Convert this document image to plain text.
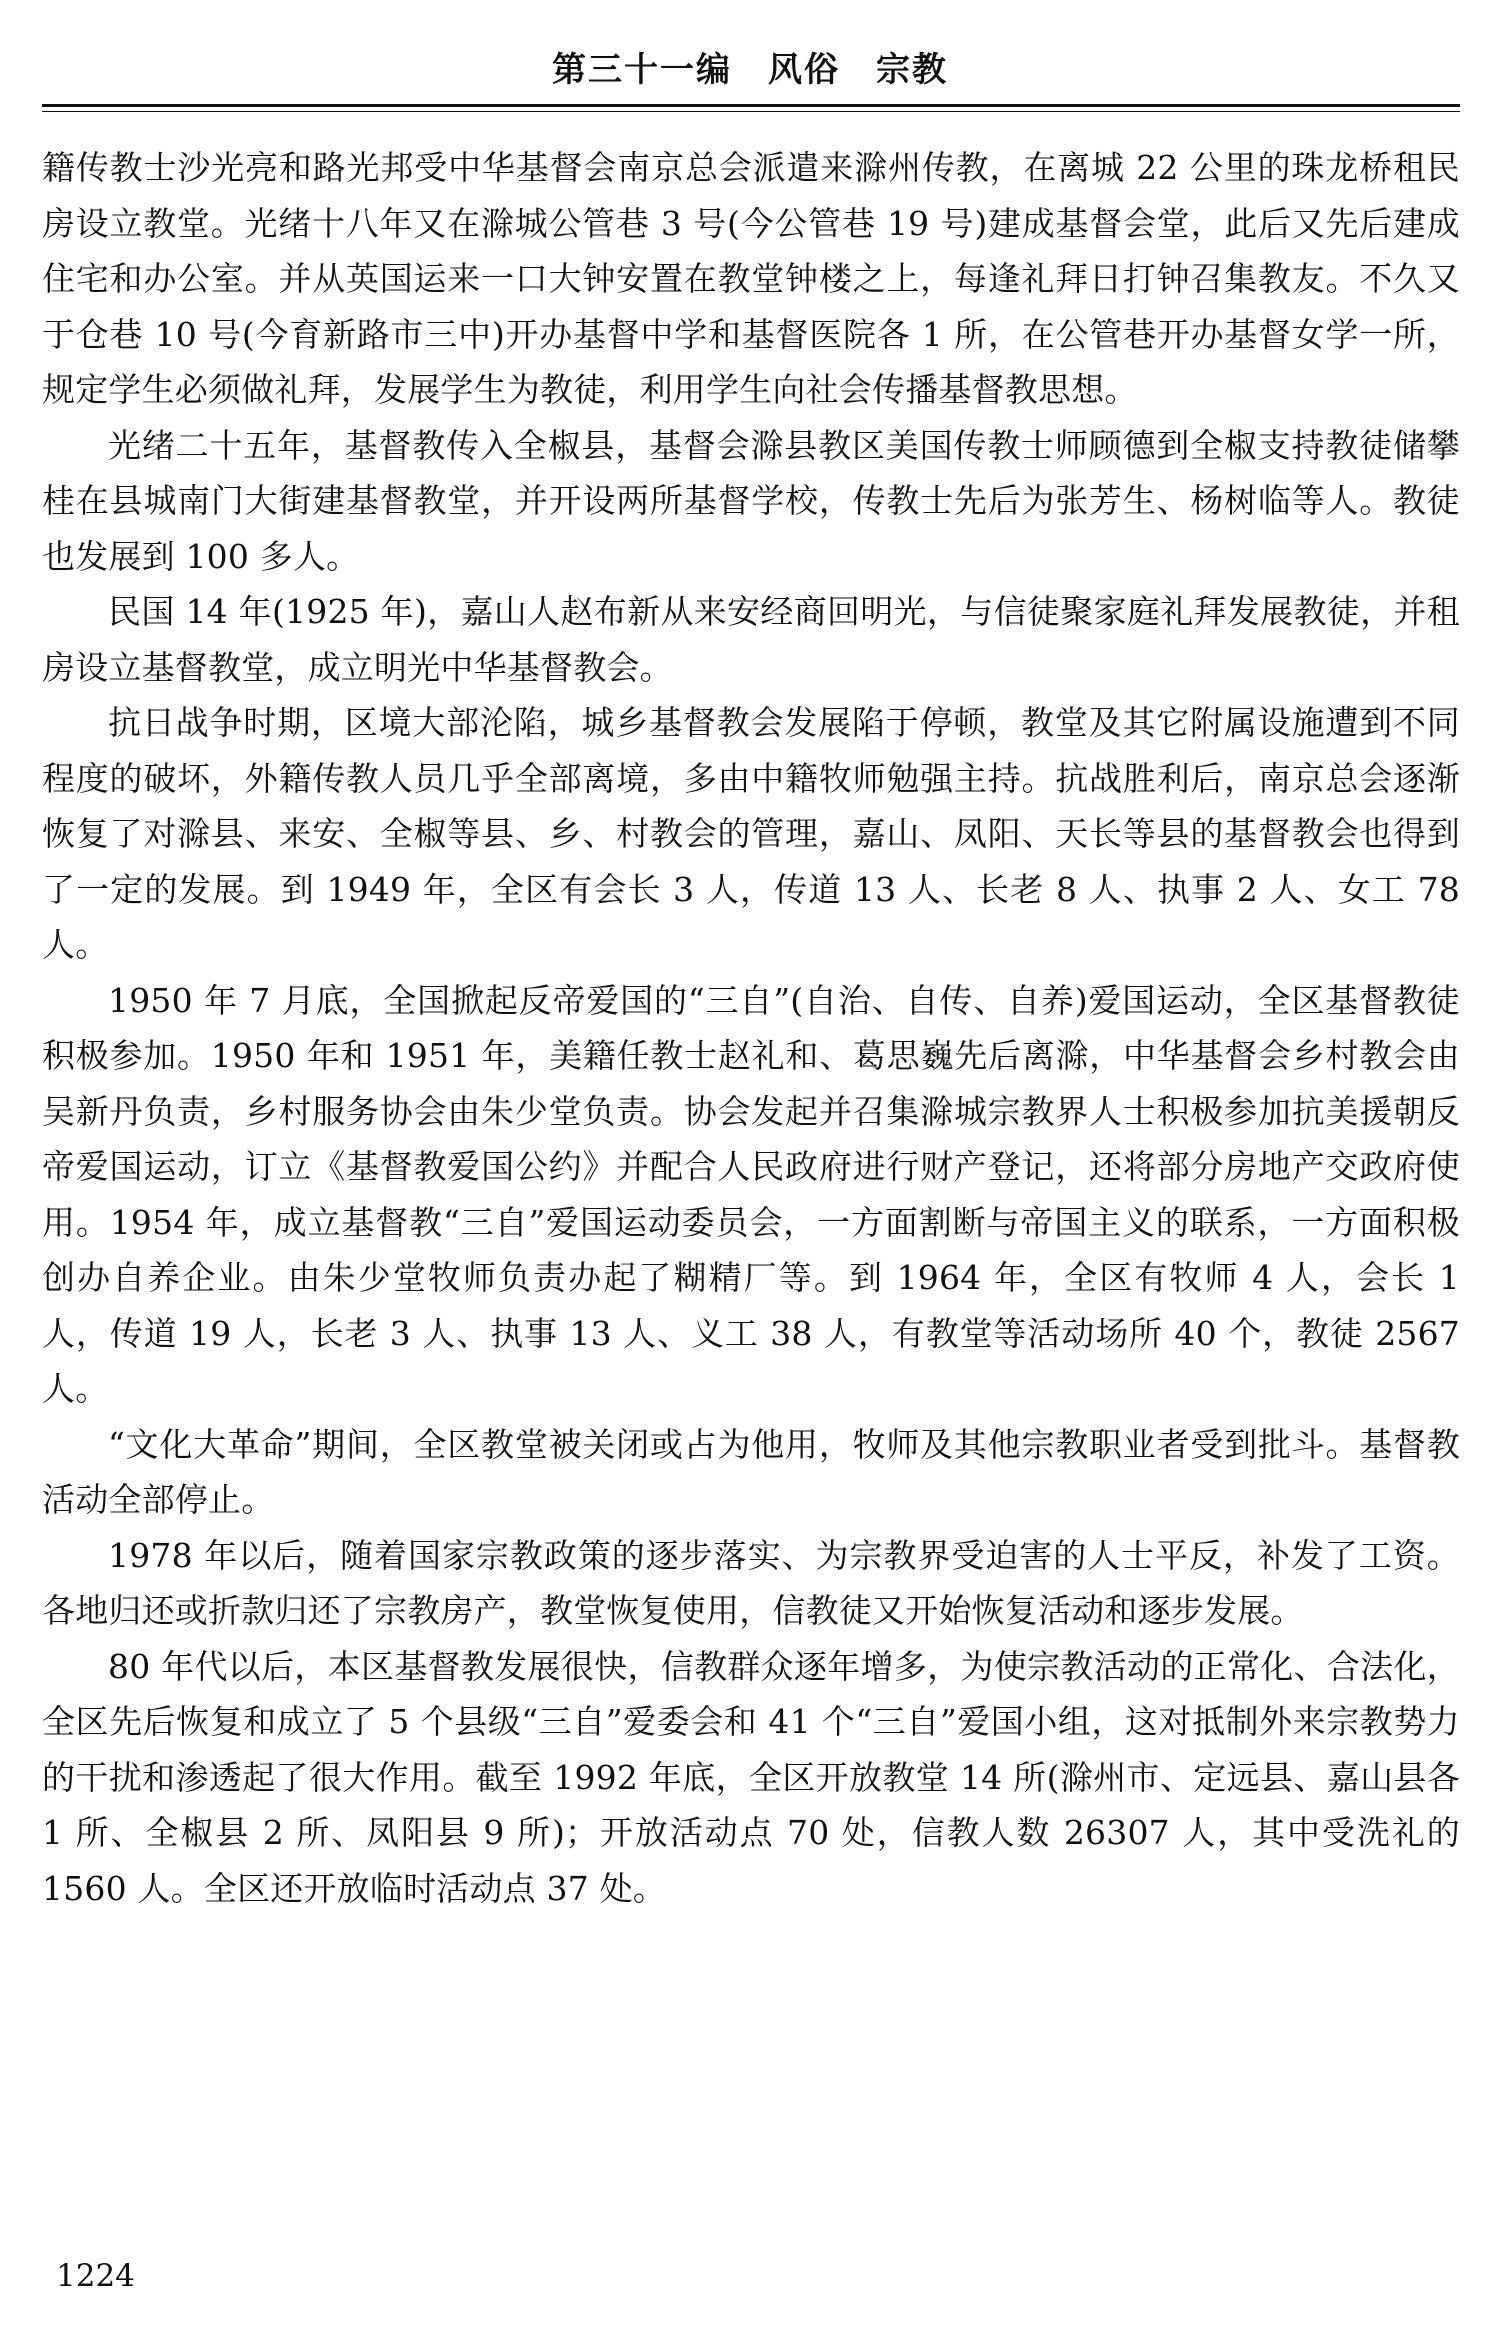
第三十一编　风俗　宗教

籍传教士沙光亮和路光邦受中华基督会南京总会派遣来滁州传教，在离城 22 公里的珠龙桥租民房设立教堂。光绪十八年又在滁城公管巷 3 号(今公管巷 19 号)建成基督会堂，此后又先后建成住宅和办公室。并从英国运来一口大钟安置在教堂钟楼之上，每逢礼拜日打钟召集教友。不久又于仓巷 10 号(今育新路市三中)开办基督中学和基督医院各 1 所，在公管巷开办基督女学一所，规定学生必须做礼拜，发展学生为教徒，利用学生向社会传播基督教思想。

光绪二十五年，基督教传入全椒县，基督会滁县教区美国传教士师顾德到全椒支持教徒储攀桂在县城南门大街建基督教堂，并开设两所基督学校，传教士先后为张芳生、杨树临等人。教徒也发展到 100 多人。

民国 14 年(1925 年)，嘉山人赵布新从来安经商回明光，与信徒聚家庭礼拜发展教徒，并租房设立基督教堂，成立明光中华基督教会。

抗日战争时期，区境大部沦陷，城乡基督教会发展陷于停顿，教堂及其它附属设施遭到不同程度的破坏，外籍传教人员几乎全部离境，多由中籍牧师勉强主持。抗战胜利后，南京总会逐渐恢复了对滁县、来安、全椒等县、乡、村教会的管理，嘉山、凤阳、天长等县的基督教会也得到了一定的发展。到 1949 年，全区有会长 3 人，传道 13 人、长老 8 人、执事 2 人、女工 78 人。

1950 年 7 月底，全国掀起反帝爱国的“三自”(自治、自传、自养)爱国运动，全区基督教徒积极参加。1950 年和 1951 年，美籍任教士赵礼和、葛思巍先后离滁，中华基督会乡村教会由吴新丹负责，乡村服务协会由朱少堂负责。协会发起并召集滁城宗教界人士积极参加抗美援朝反帝爱国运动，订立《基督教爱国公约》并配合人民政府进行财产登记，还将部分房地产交政府使用。1954 年，成立基督教“三自”爱国运动委员会，一方面割断与帝国主义的联系，一方面积极创办自养企业。由朱少堂牧师负责办起了糊精厂等。到 1964 年，全区有牧师 4 人，会长 1 人，传道 19 人，长老 3 人、执事 13 人、义工 38 人，有教堂等活动场所 40 个，教徒 2567 人。

“文化大革命”期间，全区教堂被关闭或占为他用，牧师及其他宗教职业者受到批斗。基督教活动全部停止。

1978 年以后，随着国家宗教政策的逐步落实、为宗教界受迫害的人士平反，补发了工资。各地归还或折款归还了宗教房产，教堂恢复使用，信教徒又开始恢复活动和逐步发展。

80 年代以后，本区基督教发展很快，信教群众逐年增多，为使宗教活动的正常化、合法化，全区先后恢复和成立了 5 个县级“三自”爱委会和 41 个“三自”爱国小组，这对抵制外来宗教势力的干扰和渗透起了很大作用。截至 1992 年底，全区开放教堂 14 所(滁州市、定远县、嘉山县各 1 所、全椒县 2 所、凤阳县 9 所)；开放活动点 70 处，信教人数 26307 人，其中受洗礼的 1560 人。全区还开放临时活动点 37 处。

1224
